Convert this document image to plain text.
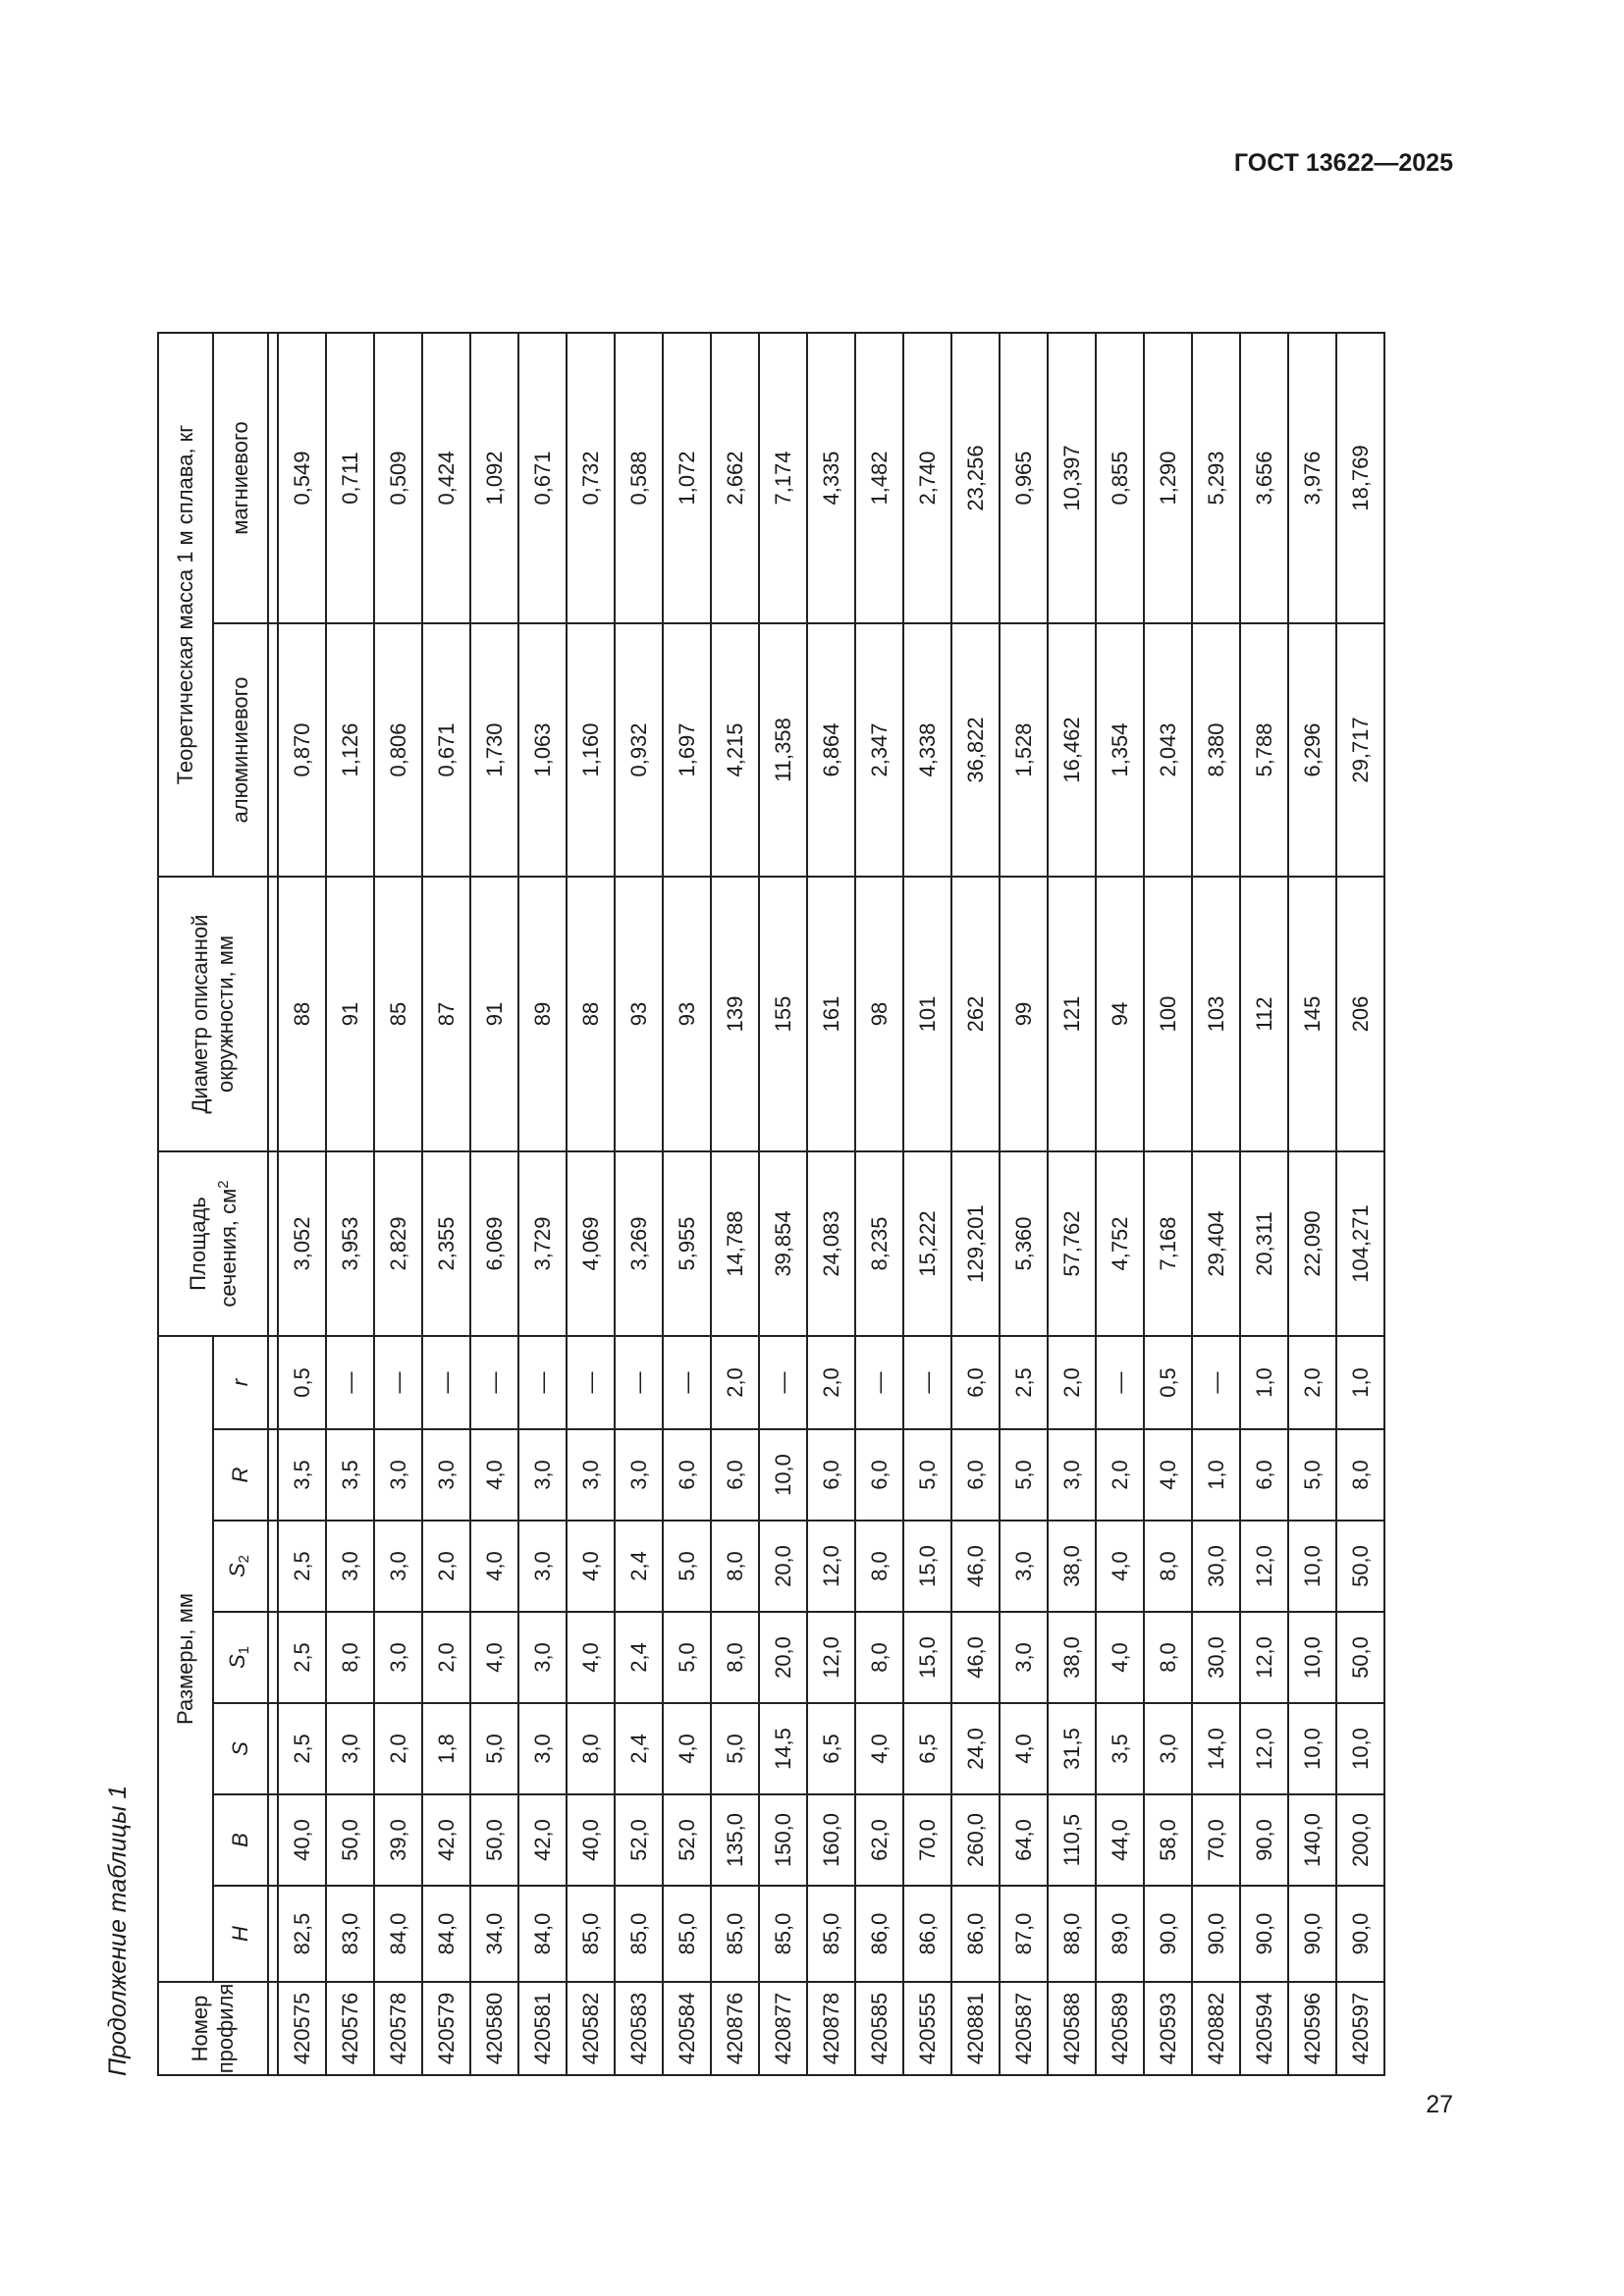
ГОСТ 13622—2025
Продолжение таблицы 1	Номер профиля	Размеры, мм							Площадь сечения, $см^2$	Диаметр описанной окружности, мм	Теоретическая масса 1 м сплава, кг	
	H	B	S	$S_1$	$S_2$	R	r			алюминиевого	магниевого

420575	82,5	40,0	2,5	2,5	2,5	3,5	0,5	3,052	88	0,870	0,549
420576	83,0	50,0	3,0	8,0	3,0	3,5	—	3,953	91	1,126	0,711
420578	84,0	39,0	2,0	3,0	3,0	3,0	—	2,829	85	0,806	0,509
420579	84,0	42,0	1,8	2,0	2,0	3,0	—	2,355	87	0,671	0,424
420580	34,0	50,0	5,0	4,0	4,0	4,0	—	6,069	91	1,730	1,092
420581	84,0	42,0	3,0	3,0	3,0	3,0	—	3,729	89	1,063	0,671
420582	85,0	40,0	8,0	4,0	4,0	3,0	—	4,069	88	1,160	0,732
420583	85,0	52,0	2,4	2,4	2,4	3,0	—	3,269	93	0,932	0,588
420584	85,0	52,0	4,0	5,0	5,0	6,0	—	5,955	93	1,697	1,072
420876	85,0	135,0	5,0	8,0	8,0	6,0	2,0	14,788	139	4,215	2,662
420877	85,0	150,0	14,5	20,0	20,0	10,0	—	39,854	155	11,358	7,174
420878	85,0	160,0	6,5	12,0	12,0	6,0	2,0	24,083	161	6,864	4,335
420585	86,0	62,0	4,0	8,0	8,0	6,0	—	8,235	98	2,347	1,482
420555	86,0	70,0	6,5	15,0	15,0	5,0	—	15,222	101	4,338	2,740
420881	86,0	260,0	24,0	46,0	46,0	6,0	6,0	129,201	262	36,822	23,256
420587	87,0	64,0	4,0	3,0	3,0	5,0	2,5	5,360	99	1,528	0,965
420588	88,0	110,5	31,5	38,0	38,0	3,0	2,0	57,762	121	16,462	10,397
420589	89,0	44,0	3,5	4,0	4,0	2,0	—	4,752	94	1,354	0,855
420593	90,0	58,0	3,0	8,0	8,0	4,0	0,5	7,168	100	2,043	1,290
420882	90,0	70,0	14,0	30,0	30,0	1,0	—	29,404	103	8,380	5,293
420594	90,0	90,0	12,0	12,0	12,0	6,0	1,0	20,311	112	5,788	3,656
420596	90,0	140,0	10,0	10,0	10,0	5,0	2,0	22,090	145	6,296	3,976
420597	90,0	200,0	10,0	50,0	50,0	8,0	1,0	104,271	206	29,717	18,769
27
